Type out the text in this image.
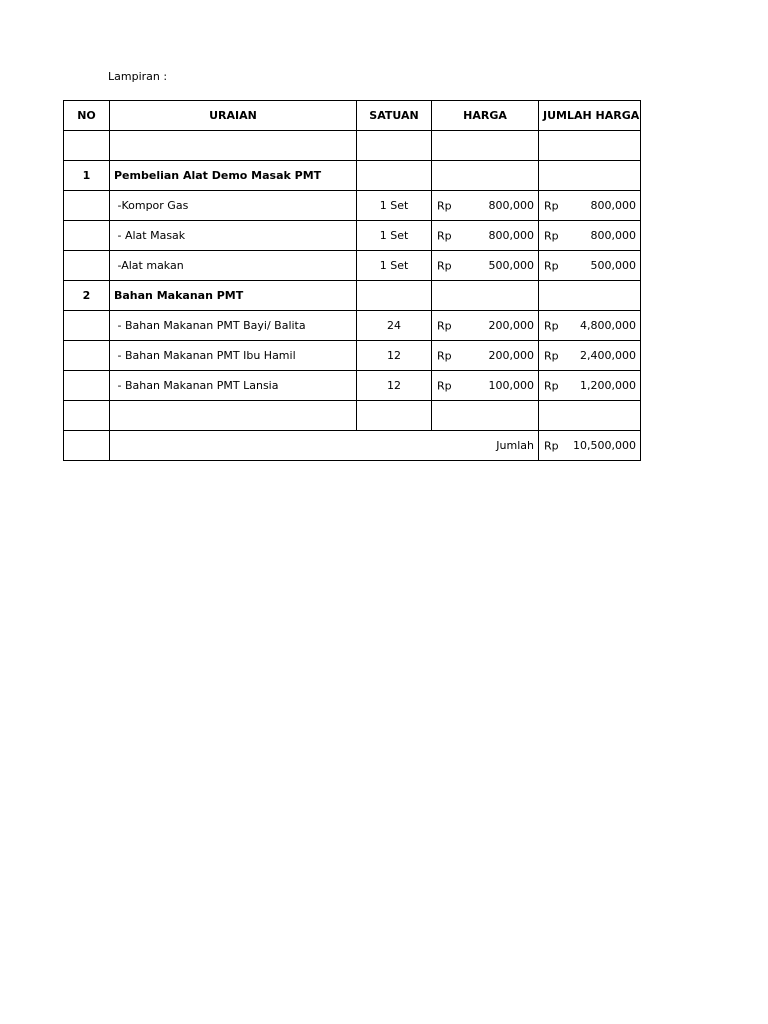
Lampiran :
NO	URAIAN	SATUAN	HARGA	JUMLAH HARGA

1	Pembelian Alat Demo Masak PMT			
	-Kompor Gas	1 Set	Rp 800,000	Rp 800,000

	- Alat Masak	1 Set	Rp 800,000	Rp 800,000

	-Alat makan	1 Set	Rp 500,000	Rp 500,000

2	Bahan Makanan PMT			
	- Bahan Makanan PMT Bayi/ Balita	24	Rp 200,000	Rp 4,800,000

	- Bahan Makanan PMT Ibu Hamil	12	Rp 200,000	Rp 2,400,000

	- Bahan Makanan PMT Lansia	12	Rp 100,000	Rp 1,200,000

	Jumlah			Rp 10,500,000
